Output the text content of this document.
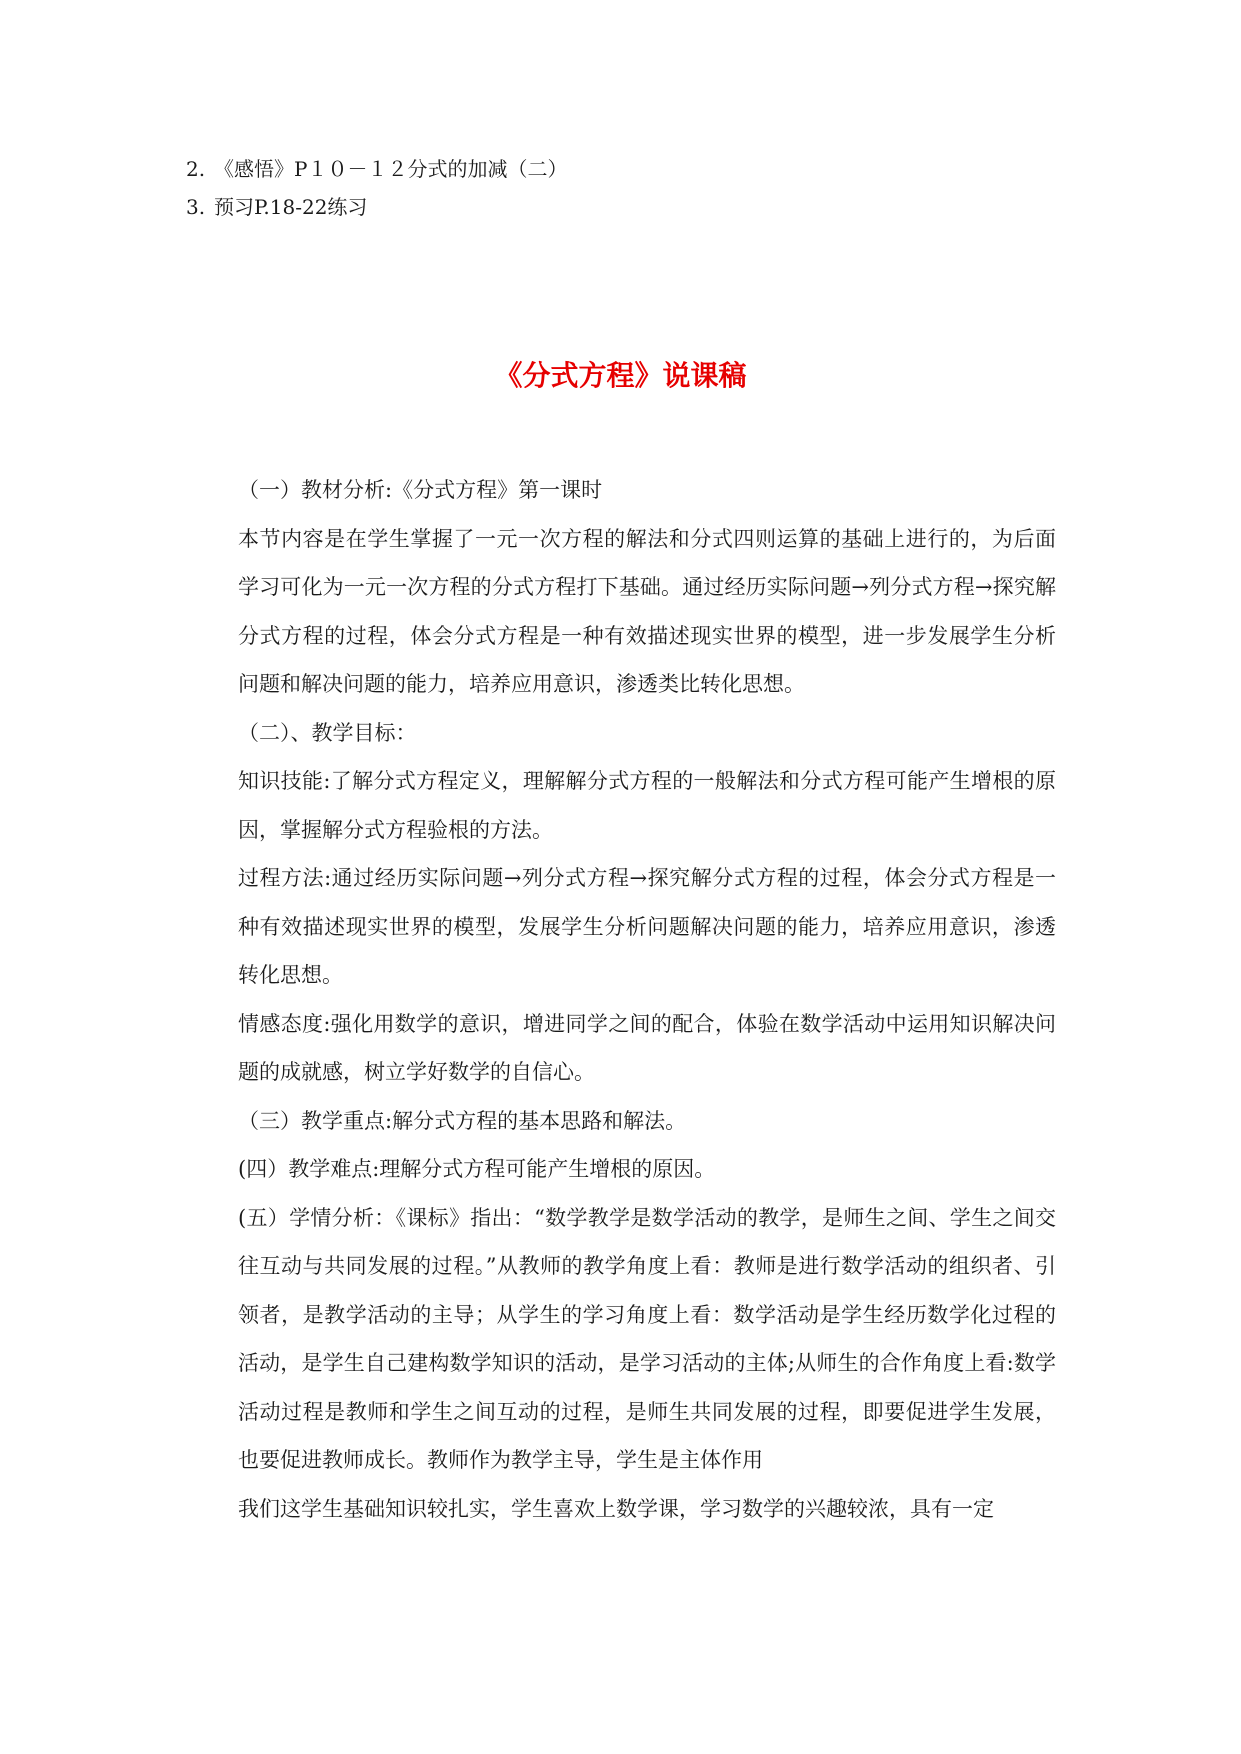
2. 《感悟》P１０－１２分式的加减（二）
3. 预习P.18-22练习
《分式方程》说课稿

（一）教材分析:《分式方程》第一课时

本节内容是在学生掌握了一元一次方程的解法和分式四则运算的基础上进行的，为后面学习可化为一元一次方程的分式方程打下基础。通过经历实际问题→列分式方程→探究解分式方程的过程，体会分式方程是一种有效描述现实世界的模型，进一步发展学生分析问题和解决问题的能力，培养应用意识，渗透类比转化思想。

（二）、教学目标：

知识技能:了解分式方程定义，理解解分式方程的一般解法和分式方程可能产生增根的原因，掌握解分式方程验根的方法。

过程方法:通过经历实际问题→列分式方程→探究解分式方程的过程，体会分式方程是一种有效描述现实世界的模型，发展学生分析问题解决问题的能力，培养应用意识，渗透转化思想。

情感态度:强化用数学的意识，增进同学之间的配合，体验在数学活动中运用知识解决问题的成就感，树立学好数学的自信心。

（三）教学重点:解分式方程的基本思路和解法。

(四）教学难点:理解分式方程可能产生增根的原因。

(五）学情分析：《课标》指出：“数学教学是数学活动的教学，是师生之间、学生之间交往互动与共同发展的过程。”从教师的教学角度上看：教师是进行数学活动的组织者、引领者，是教学活动的主导；从学生的学习角度上看：数学活动是学生经历数学化过程的活动，是学生自己建构数学知识的活动，是学习活动的主体;从师生的合作角度上看:数学活动过程是教师和学生之间互动的过程，是师生共同发展的过程，即要促进学生发展，也要促进教师成长。教师作为教学主导，学生是主体作用

我们这学生基础知识较扎实，学生喜欢上数学课，学习数学的兴趣较浓，具有一定
